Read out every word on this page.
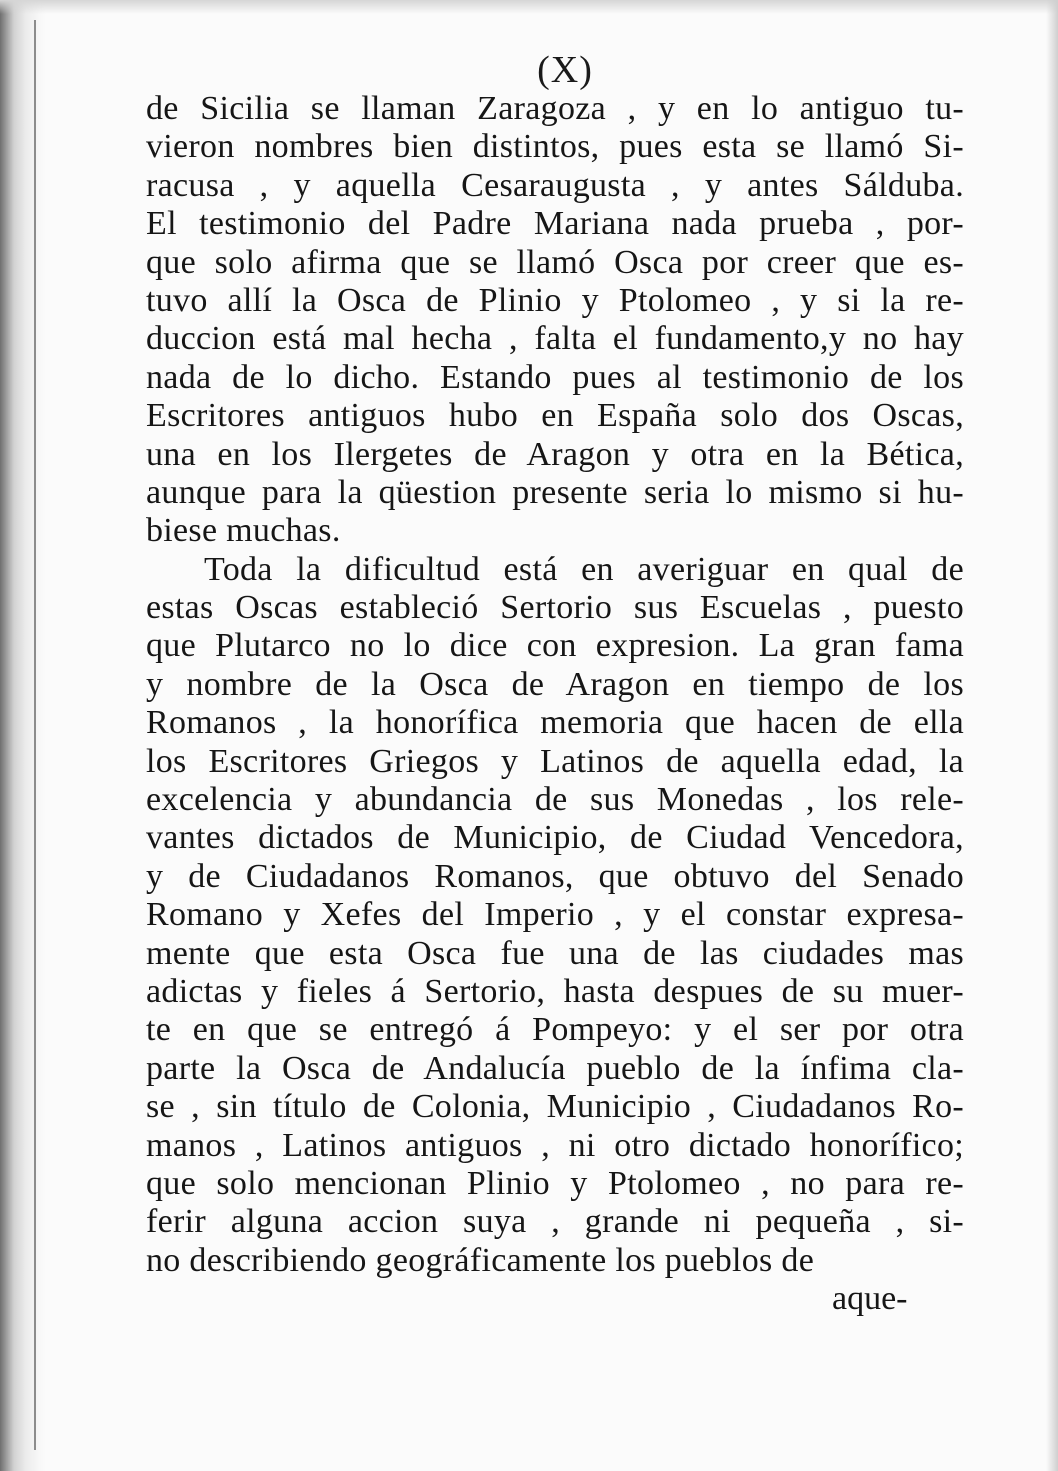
(X)
de Sicilia se llaman Zaragoza , y en lo antiguo tu-
vieron nombres bien distintos, pues esta se llamó Si-
racusa , y aquella Cesaraugusta , y antes Sálduba.
El testimonio del Padre Mariana nada prueba , por-
que solo afirma que se llamó Osca por creer que es-
tuvo allí la Osca de Plinio y Ptolomeo , y si la re-
duccion está mal hecha , falta el fundamento,y no hay
nada de lo dicho. Estando pues al testimonio de los
Escritores antiguos hubo en España solo dos Oscas,
una en los Ilergetes de Aragon y otra en la Bética,
aunque para la qüestion presente seria lo mismo si hu-
biese muchas.
Toda la dificultud está en averiguar en qual de
estas Oscas estableció Sertorio sus Escuelas , puesto
que Plutarco no lo dice con expresion. La gran fama
y nombre de la Osca de Aragon en tiempo de los
Romanos , la honorífica memoria que hacen de ella
los Escritores Griegos y Latinos de aquella edad, la
excelencia y abundancia de sus Monedas , los rele-
vantes dictados de Municipio, de Ciudad Vencedora,
y de Ciudadanos Romanos, que obtuvo del Senado
Romano y Xefes del Imperio , y el constar expresa-
mente que esta Osca fue una de las ciudades mas
adictas y fieles á Sertorio, hasta despues de su muer-
te en que se entregó á Pompeyo: y el ser por otra
parte la Osca de Andalucía pueblo de la ínfima cla-
se , sin título de Colonia, Municipio , Ciudadanos Ro-
manos , Latinos antiguos , ni otro dictado honorífico;
que solo mencionan Plinio y Ptolomeo , no para re-
ferir alguna accion suya , grande ni pequeña , si-
no describiendo geográficamente los pueblos de
aque-
